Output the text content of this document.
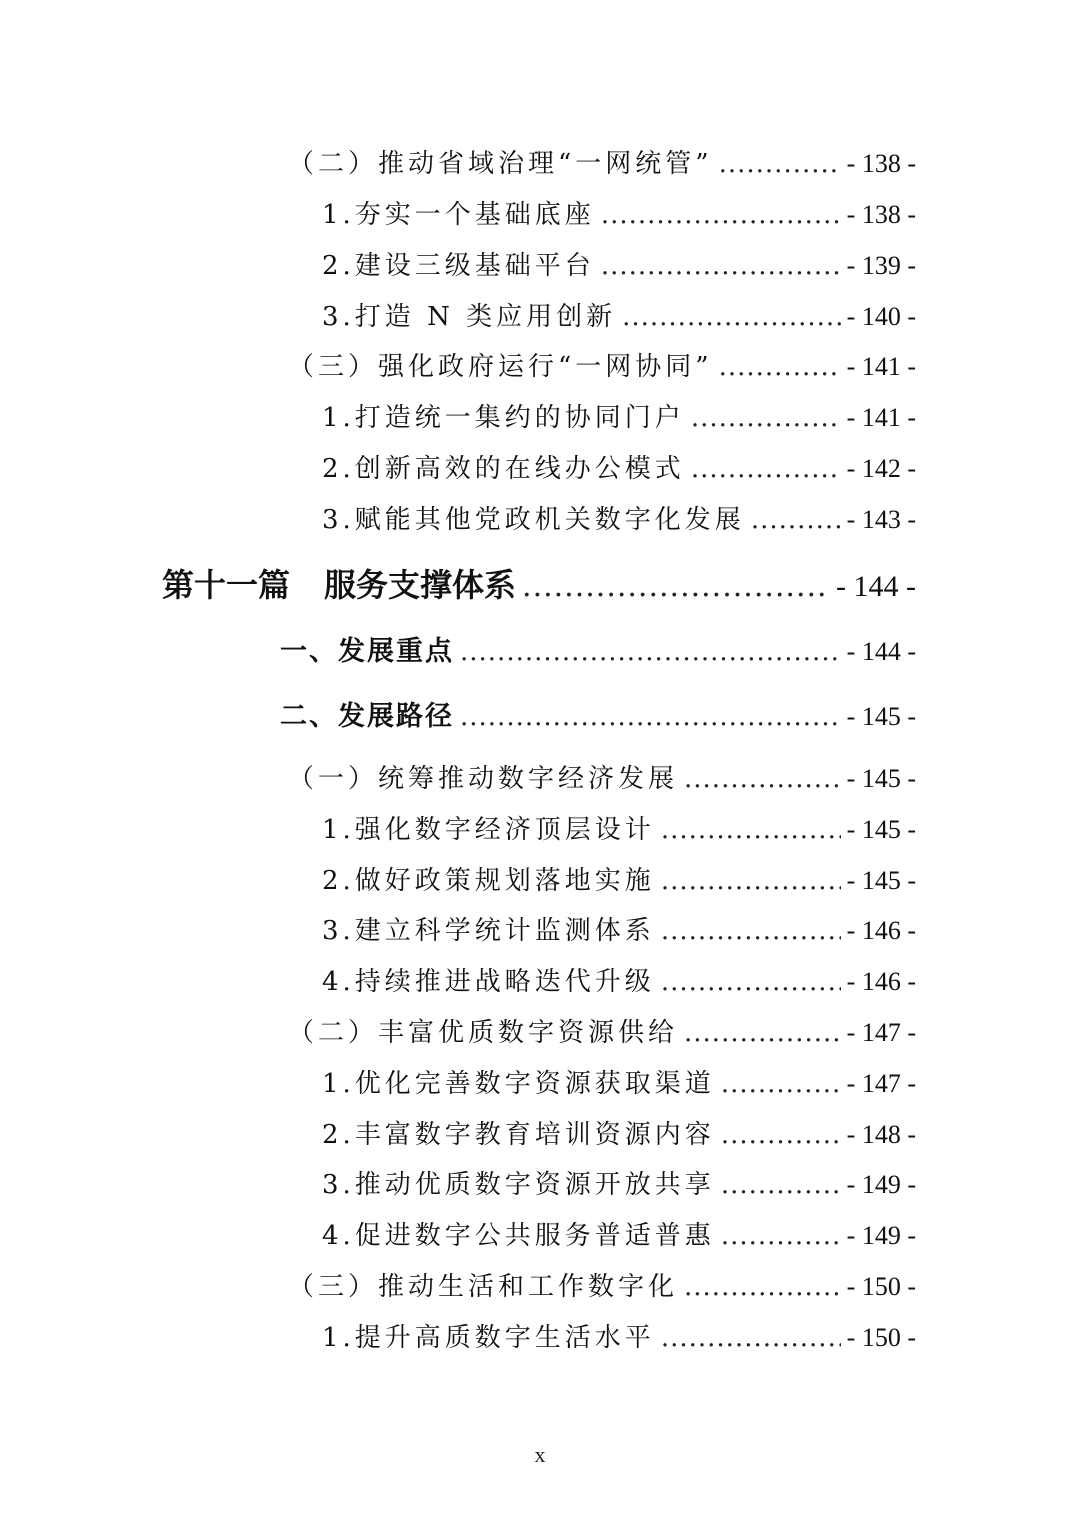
（二）推动省域治理“一网统管” .....	- 138 -
1.夯实一个基础底座 .....	- 138 -
2.建设三级基础平台 .....	- 139 -
3.打造 N 类应用创新 .....	- 140 -
（三）强化政府运行“一网协同” .....	- 141 -
1.打造统一集约的协同门户 .....	- 141 -
2.创新高效的在线办公模式 .....	- 142 -
3.赋能其他党政机关数字化发展 .....	- 143 -
第十一篇 服务支撑体系 .....	- 144 -
一、发展重点 .....	- 144 -
二、发展路径 .....	- 145 -
（一）统筹推动数字经济发展 .....	- 145 -
1.强化数字经济顶层设计 .....	- 145 -
2.做好政策规划落地实施 .....	- 145 -
3.建立科学统计监测体系 .....	- 146 -
4.持续推进战略迭代升级 .....	- 146 -
（二）丰富优质数字资源供给 .....	- 147 -
1.优化完善数字资源获取渠道 .....	- 147 -
2.丰富数字教育培训资源内容 .....	- 148 -
3.推动优质数字资源开放共享 .....	- 149 -
4.促进数字公共服务普适普惠 .....	- 149 -
（三）推动生活和工作数字化 .....	- 150 -
1.提升高质数字生活水平 .....	- 150 -
x
